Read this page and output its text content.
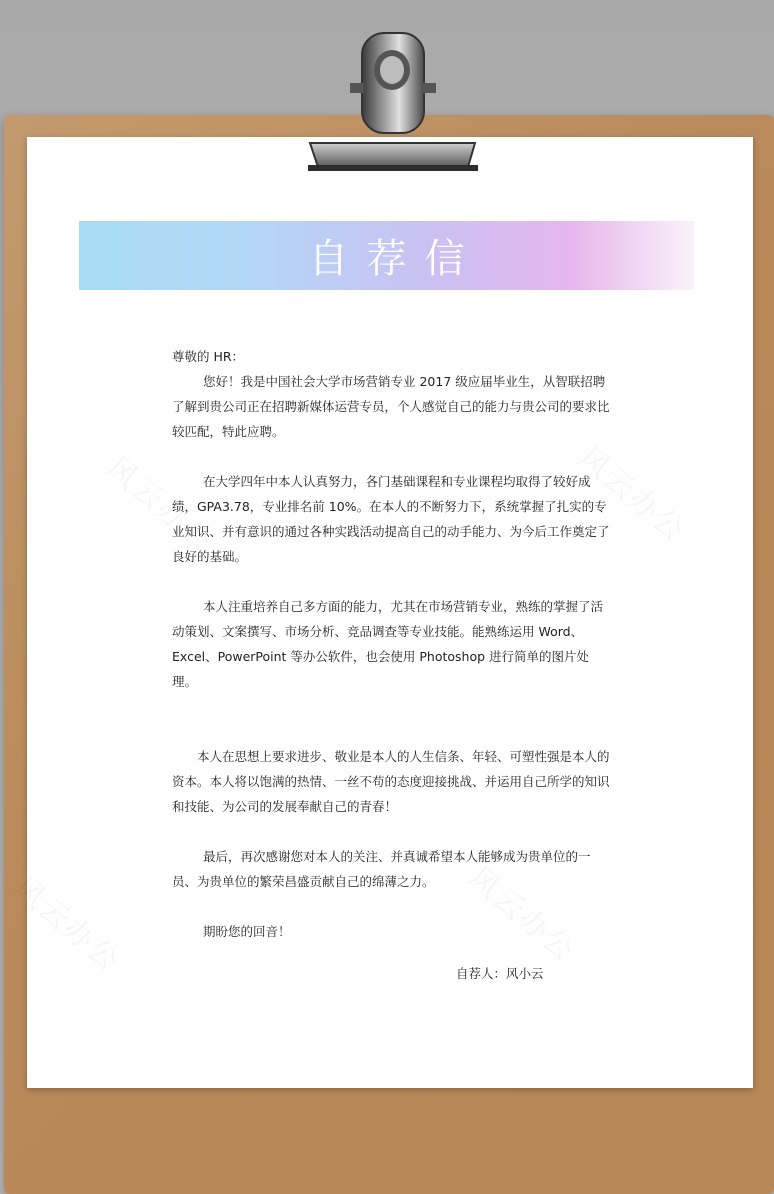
自荐信

尊敬的 HR：

您好！我是中国社会大学市场营销专业 2017 级应届毕业生，从智联招聘了解到贵公司正在招聘新媒体运营专员，个人感觉自己的能力与贵公司的要求比较匹配，特此应聘。

在大学四年中本人认真努力，各门基础课程和专业课程均取得了较好成绩，GPA3.78，专业排名前 10%。在本人的不断努力下，系统掌握了扎实的专业知识、并有意识的通过各种实践活动提高自己的动手能力、为今后工作奠定了良好的基础。

本人注重培养自己多方面的能力，尤其在市场营销专业，熟练的掌握了活动策划、文案撰写、市场分析、竞品调查等专业技能。能熟练运用 Word、Excel、PowerPoint 等办公软件，也会使用 Photoshop 进行简单的图片处理。

本人在思想上要求进步、敬业是本人的人生信条、年轻、可塑性强是本人的资本。本人将以饱满的热情、一丝不苟的态度迎接挑战、并运用自己所学的知识和技能、为公司的发展奉献自己的青春！

最后，再次感谢您对本人的关注、并真诚希望本人能够成为贵单位的一员、为贵单位的繁荣昌盛贡献自己的绵薄之力。

期盼您的回音！

自荐人：风小云
